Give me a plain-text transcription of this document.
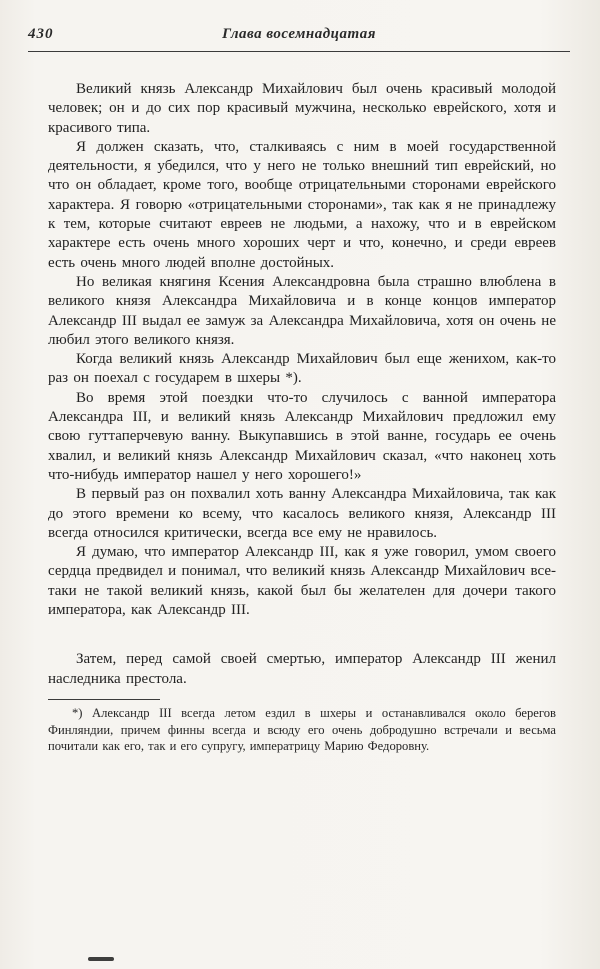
430	Глава восемнадцатая

Великий князь Александр Михайлович был очень красивый молодой человек; он и до сих пор красивый мужчина, несколько еврейского, хотя и красивого типа.

Я должен сказать, что, сталкиваясь с ним в моей государственной деятельности, я убедился, что у него не только внешний тип еврейский, но что он обладает, кроме того, вообще отрицательными сторонами еврейского характера. Я говорю «отрицательными сторонами», так как я не принадлежу к тем, которые считают евреев не людьми, а нахожу, что и в еврейском характере есть очень много хороших черт и что, конечно, и среди евреев есть очень много людей вполне достойных.

Но великая княгиня Ксения Александровна была страшно влюблена в великого князя Александра Михайловича и в конце концов император Александр III выдал ее замуж за Александра Михайловича, хотя он очень не любил этого великого князя.

Когда великий князь Александр Михайлович был еще женихом, как-то раз он поехал с государем в шхеры *).

Во время этой поездки что-то случилось с ванной императора Александра III, и великий князь Александр Михайлович предложил ему свою гуттаперчевую ванну. Выкупавшись в этой ванне, государь ее очень хвалил, и великий князь Александр Михайлович сказал, «что наконец хоть что-нибудь император нашел у него хорошего!»

В первый раз он похвалил хоть ванну Александра Михайловича, так как до этого времени ко всему, что касалось великого князя, Александр III всегда относился критически, всегда все ему не нравилось.

Я думаю, что император Александр III, как я уже говорил, умом своего сердца предвидел и понимал, что великий князь Александр Михайлович все-таки не такой великий князь, какой был бы желателен для дочери такого императора, как Александр III.

Затем, перед самой своей смертью, император Александр III женил наследника престола.

*) Александр III всегда летом ездил в шхеры и останавливался около берегов Финляндии, причем финны всегда и всюду его очень добродушно встречали и весьма почитали как его, так и его супругу, императрицу Марию Федоровну.
